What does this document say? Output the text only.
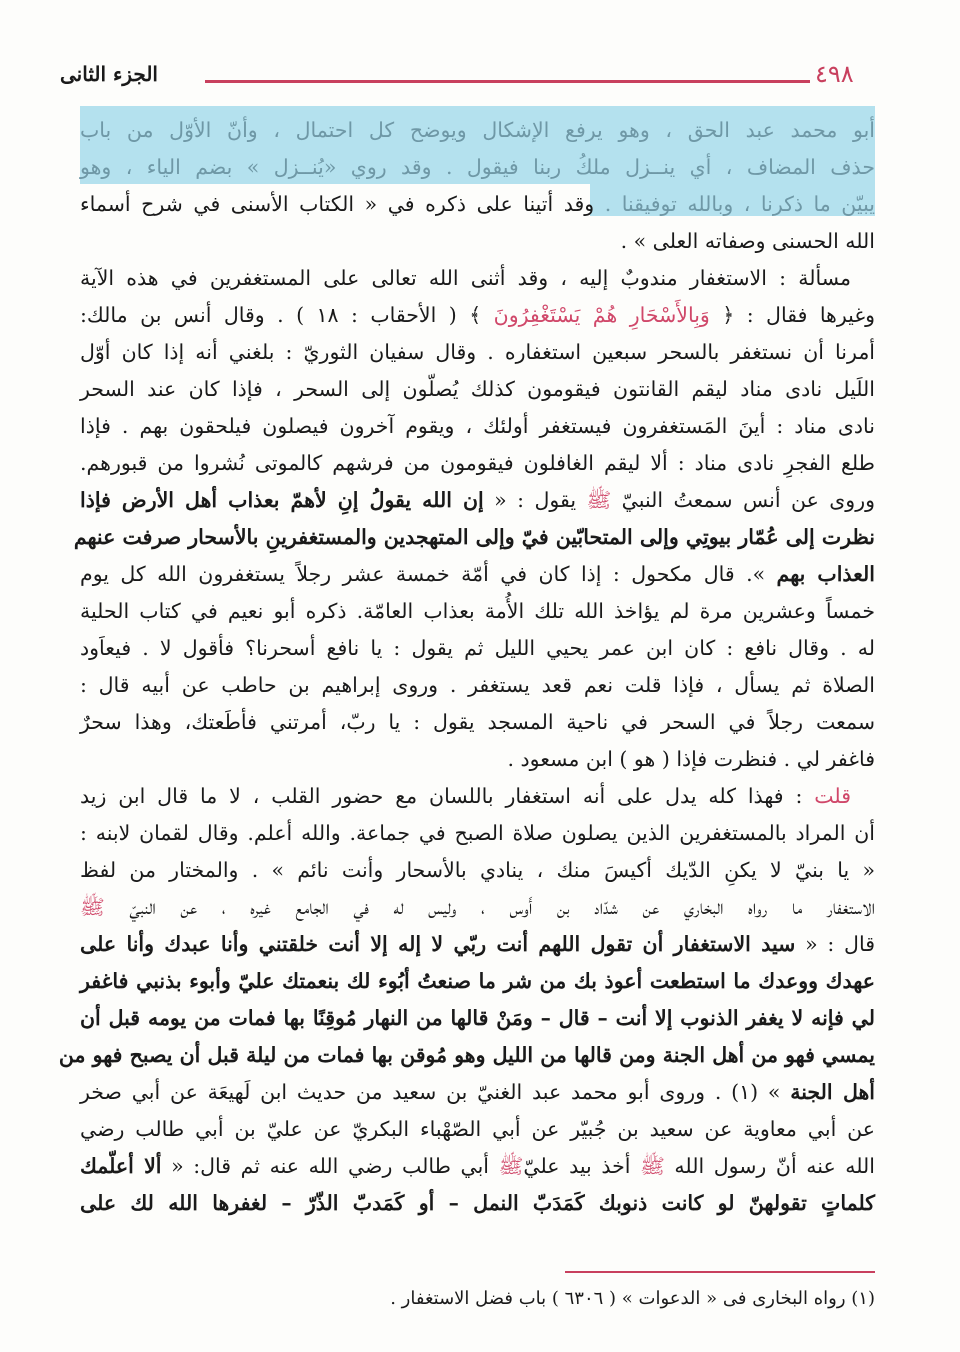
الجزء الثانى	٤٩٨
أبو محمد عبد الحق ، وهو يرفع الإشكال ويوضح كل احتمال ، وأنّ الأوّل من باب
حذف المضاف ، أي ينــزل ملكُ ربنا فيقول . وقد روي «يُنــزل » بضم الياء ، وهو
يبيّن ما ذكرنا ، وبالله توفيقنا . وقد أتينا على ذكره في « الكتاب الأسنى في شرح أسماء
الله الحسنى وصفاته العلى » .
مسألة : الاستغفار مندوبٌ إليه ، وقد أثنى الله تعالى على المستغفرين في هذه الآية
وغيرها فقال : ﴿ وَبِالأَسْحَارِ هُمْ يَسْتَغْفِرُونَ ﴾ ( الأحقاب : ١٨ ) . وقال أنس بن مالك:
أمرنا أن نستغفر بالسحر سبعين استغفاره . وقال سفيان الثوريّ : بلغني أنه إذا كان أوّل
اللَيل نادى مناد ليقم القانتون فيقومون كذلك يُصلّون إلى السحر ، فإذا كان عند السحر
نادى مناد : أينَ المَستغفرون فيستغفر أولئك ، ويقوم آخرون فيصلون فيلحقون بهم . فإذا
طلع الفجرِ نادى مناد : ألا ليقم الغافلون فيقومون من فرشهم كالموتى نُشروا من قبورهم.
وروى عن أنس سمعتُ النبيّ ﷺ يقول : « إن الله يقولُ إنِ لأهمّ بعذاب أهل الأرض فإذا
نظرت إلى عُمّار بيوتِي وإلى المتحابّين فيّ وإلى المتهجدين والمستغفرينِ بالأسحار صرفت عنهم
العذاب بهم ». قال مكحول : إذا كان في أمّة خمسة عشر رجلاً يستغفرون الله كل يوم
خمساً وعشرين مرة لم يؤاخذ الله تلك الأُمة بعذاب العامّة. ذكره أبو نعيم في كتاب الحلية
له . وقال نافع : كان ابن عمر يحيي الليل ثم يقول : يا نافع أسحرنا؟ فأقول لا . فيعاَود
الصلاة ثم يسأل ، فإذا قلت نعم قعد يستغفر . وروى إبراهيم بن حاطب عن أبيه قال :
سمعت رجلاً في السحر في ناحية المسجد يقول : يا ربّ، أمرتني فأطَعتك، وهذا سحرٌ
فاغفر لي . فنظرت فإذا ( هو ) ابن مسعود .
قلت : فهذا كله يدل على أنه استغفار باللسان مع حضور القلب ، لا ما قال ابن زيد
أن المراد بالمستغفرين الذين يصلون صلاة الصبح في جماعة. والله أعلم. وقال لقمان لابنه :
« يا بنيّ لا يكنِ الدّيك أكيسَ منك ، ينادي بالأسحار وأنت نائم » . والمختار من لفظ
الاستغفار ما رواه البخاري عن شدّاد بن أَوس ، وليس له في الجامع غيره ، عن النبيّ ﷺ
قال : « سيد الاستغفار أن تقول اللهم أنت ربّي لا إله إلا أنت خلقتني وأنا عبدك وأنا على
عهدك ووعدك ما استطعت أعوذ بك من شر ما صنعتُ أبُوء لك بنعمتك عليّ وأبوء بذنبي فاغفر
لي فإنه لا يغفر الذنوب إلا أنت – قال – ومَنْ قالها من النهار مُوقِنًا بها فمات من يومه قبل أن
يمسي فهو من أهل الجنة ومن قالها من الليل وهو مُوقن بها فمات من ليلة قبل أن يصبح فهو من
أهل الجنة » (١) . وروى أبو محمد عبد الغنيّ بن سعيد من حديث ابن لَهيعَة عن أبي صخر
عن أبي معاوية عن سعيد بن جُبيّر عن أبي الصّهْباء البكريّ عن عليّ بن أبي طالب رضي
الله عنه أنّ رسول الله ﷺ أخذ بيد عليّﷺ أبي طالب رضي الله عنه ثم قال: « ألا أعلّمك
كلماتٍ تقولهنّ لو كانت ذنوبك كَمَدَبّ النمل – أو كَمَدبّ الذّرّ – لغفرها الله لك على
(١) رواه البخارى فى « الدعوات » ( ٦٣٠٦ ) باب فضل الاستغفار .
